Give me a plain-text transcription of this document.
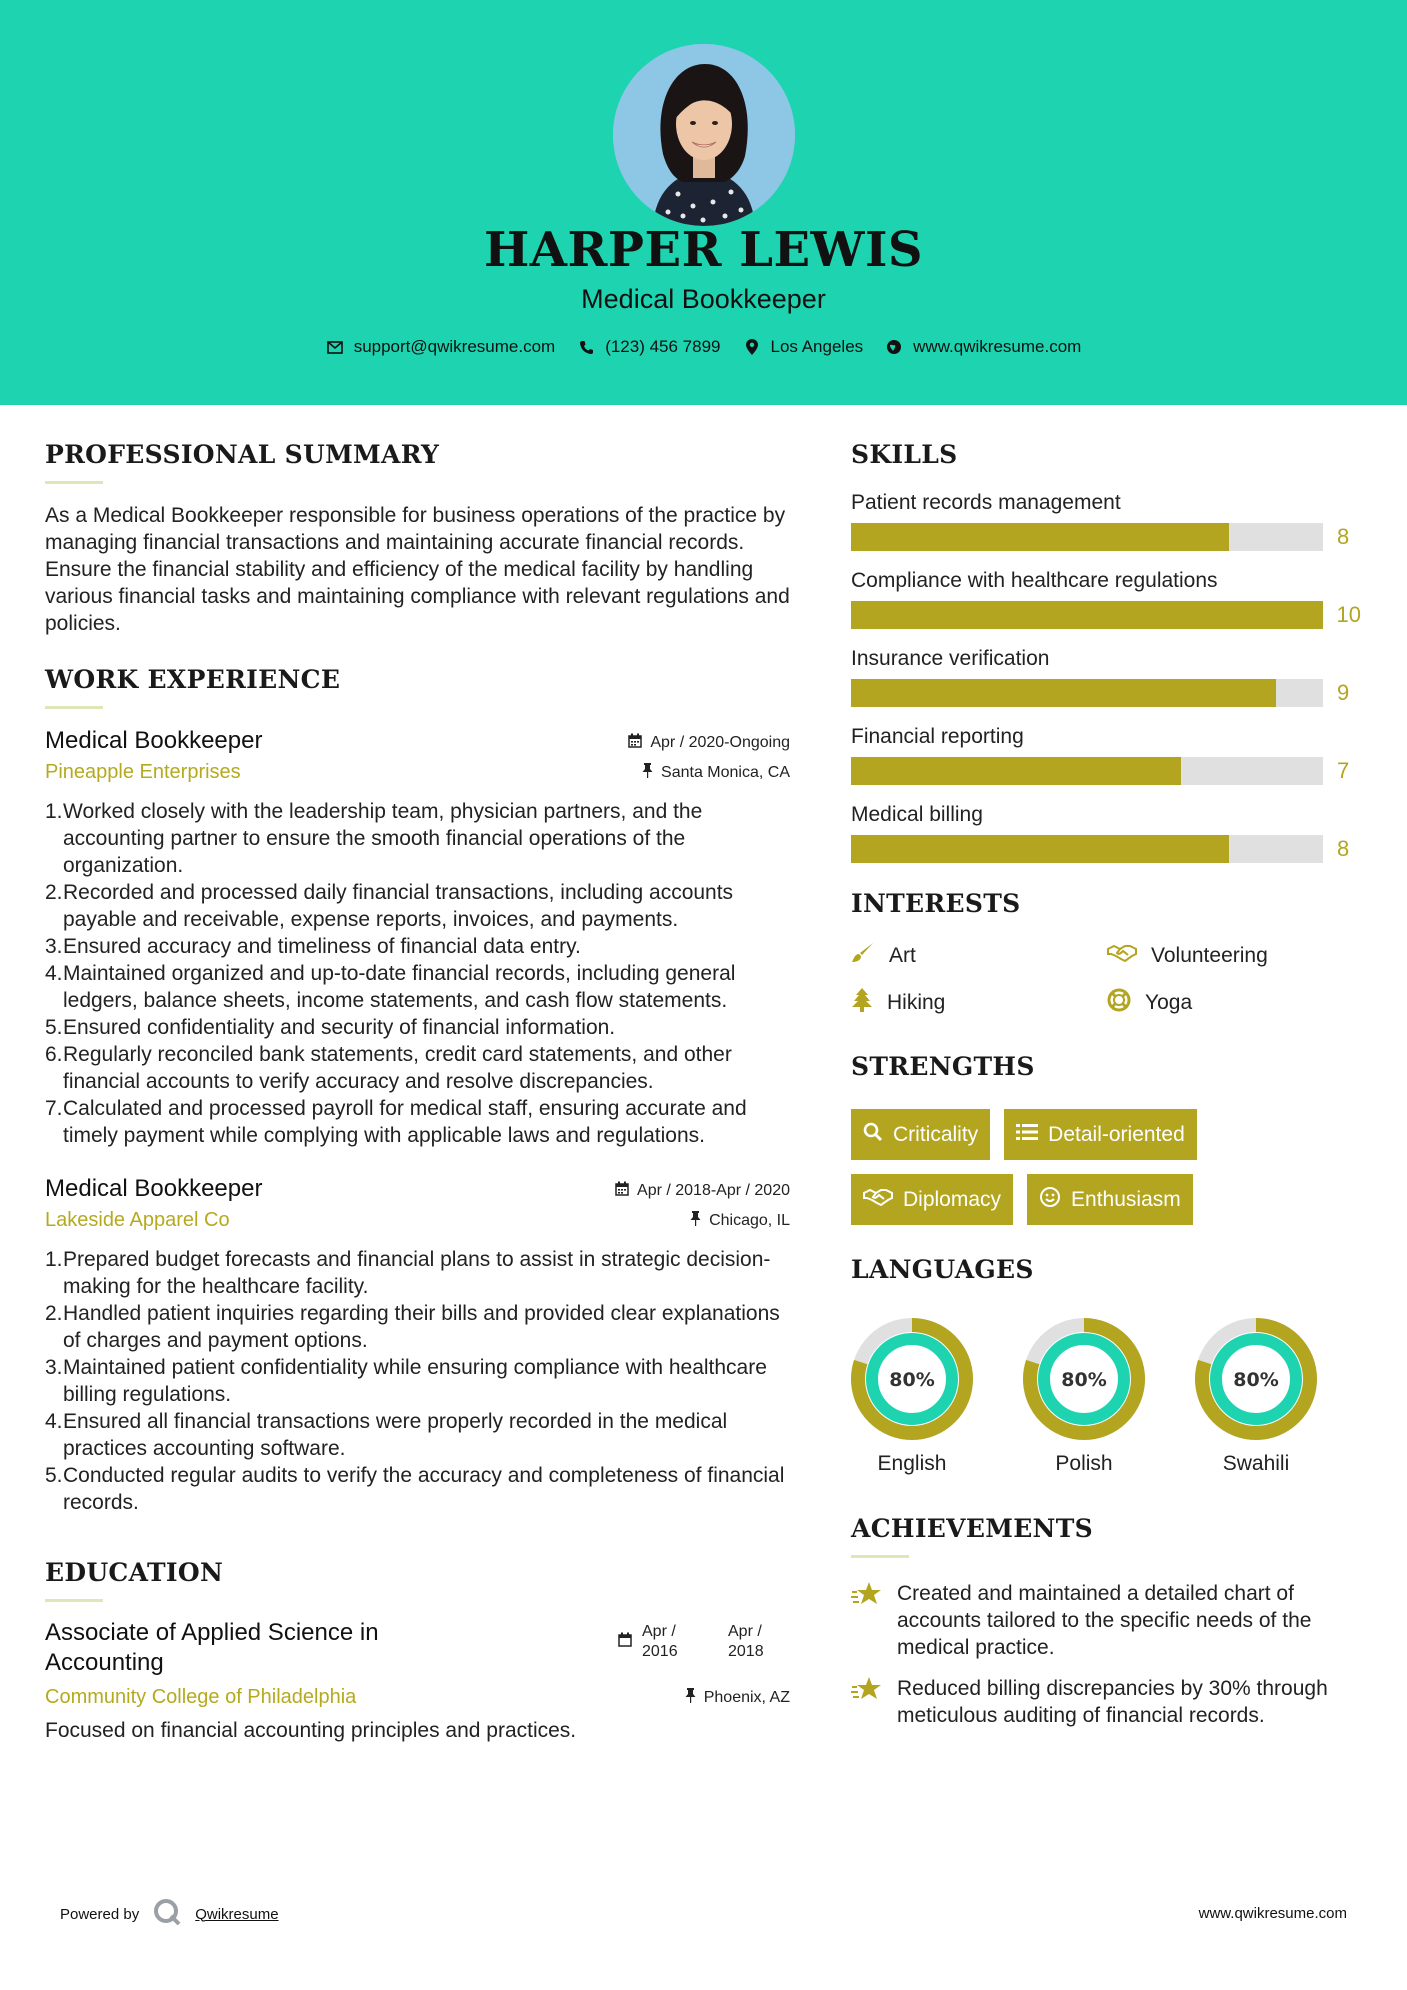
HARPER LEWIS
Medical Bookkeeper
support@qwikresume.com	(123) 456 7899	Los Angeles	www.qwikresume.com
PROFESSIONAL SUMMARY

As a Medical Bookkeeper responsible for business operations of the practice by managing financial transactions and maintaining accurate financial records. Ensure the financial stability and efficiency of the medical facility by handling various financial tasks and maintaining compliance with relevant regulations and policies.

WORK EXPERIENCE
Medical Bookkeeper	Apr / 2020-Ongoing
Pineapple Enterprises	Santa Monica, CA
1. Worked closely with the leadership team, physician partners, and the accounting partner to ensure the smooth financial operations of the organization.
2. Recorded and processed daily financial transactions, including accounts payable and receivable, expense reports, invoices, and payments.
3. Ensured accuracy and timeliness of financial data entry.
4. Maintained organized and up-to-date financial records, including general ledgers, balance sheets, income statements, and cash flow statements.
5. Ensured confidentiality and security of financial information.
6. Regularly reconciled bank statements, credit card statements, and other financial accounts to verify accuracy and resolve discrepancies.
7. Calculated and processed payroll for medical staff, ensuring accurate and timely payment while complying with applicable laws and regulations.
Medical Bookkeeper	Apr / 2018-Apr / 2020
Lakeside Apparel Co	Chicago, IL
1. Prepared budget forecasts and financial plans to assist in strategic decision-making for the healthcare facility.
2. Handled patient inquiries regarding their bills and provided clear explanations of charges and payment options.
3. Maintained patient confidentiality while ensuring compliance with healthcare billing regulations.
4. Ensured all financial transactions were properly recorded in the medical practices accounting software.
5. Conducted regular audits to verify the accuracy and completeness of financial records.
EDUCATION
Associate of Applied Science in Accounting
Apr / 2016
Apr / 2018
Community College of Philadelphia	Phoenix, AZ

Focused on financial accounting principles and practices.

SKILLS
Patient records management
8
Compliance with healthcare regulations
10
Insurance verification
9
Financial reporting
7
Medical billing
8
INTERESTS
Art	Volunteering
Hiking	Yoga
STRENGTHS
Criticality	Detail-oriented
Diplomacy	Enthusiasm
LANGUAGES
80%
English
80%
Polish
80%
Swahili
ACHIEVEMENTS
Created and maintained a detailed chart of accounts tailored to the specific needs of the medical practice.
Reduced billing discrepancies by 30% through meticulous auditing of financial records.
Powered by	Qwikresume	www.qwikresume.com
